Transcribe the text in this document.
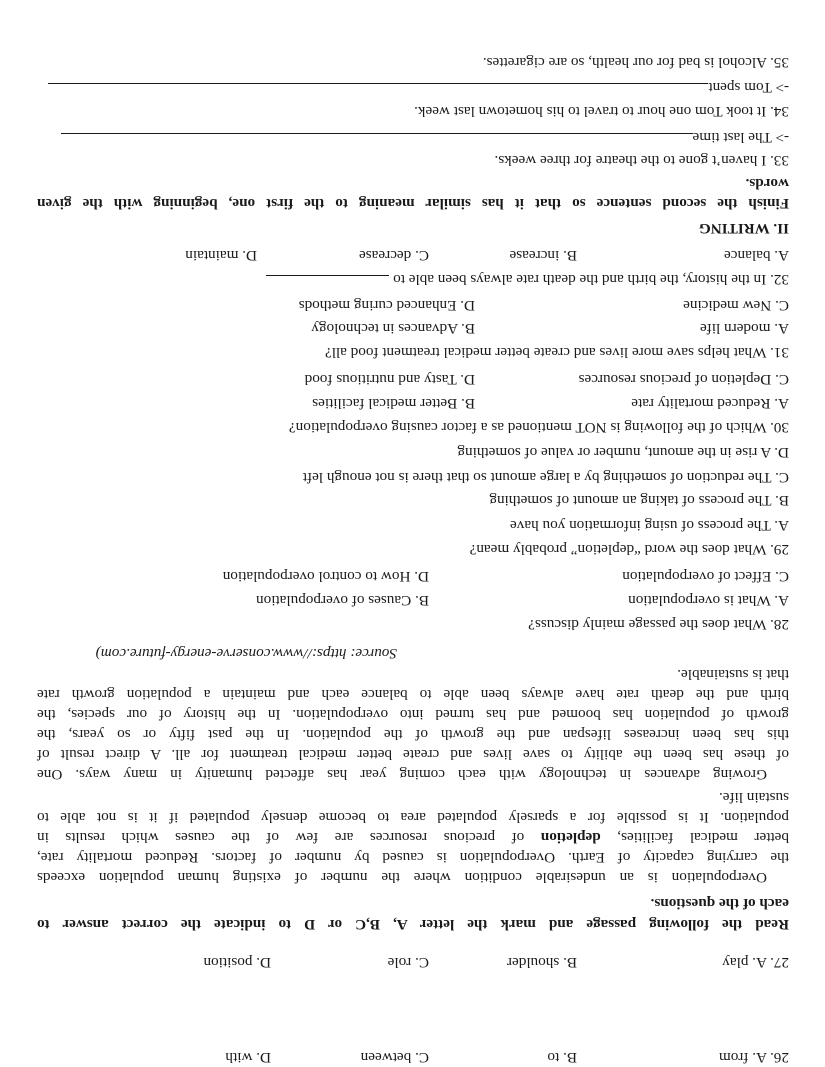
26.
A. from
B. to
C. between
D. with
27.
A. play
B. shoulder
C. role
D. position
Read the following passage and mark the letter A, B,C or D to indicate the correct answer to
each of the questions.
Overpopulation is an undesirable condition where the number of existing human population exceeds
the carrying capacity of Earth. Overpopulation is caused by number of factors. Reduced mortality rate,
better medical facilities, depletion of precious resources are few of the causes which results in
population. It is possible for a sparsely populated area to become densely populated if it is not able to
sustain life.
Growing advances in technology with each coming year has affected humanity in many ways. One
of these has been the ability to save lives and create better medical treatment for all. A direct result of
this has been increases lifespan and the growth of the population. In the past fifty or so years, the
growth of population has boomed and has turned into overpopulation. In the history of our species, the
birth and the death rate have always been able to balance each and maintain a population growth rate
that is sustainable.
Source: https://www.conserve-energy-future.com)
28. What does the passage mainly discuss?
A. What is overpopulation
B. Causes of overpopulation
C. Effect of overpopulation
D. How to control overpopulation
29. What does the word “depletion” probably mean?
A. The process of using information you have
B. The process of taking an amount of something
C. The reduction of something by a large amount so that there is not enough left
D. A rise in the amount, number or value of something
30. Which of the following is NOT mentioned as a factor causing overpopulation?
A. Reduced mortality rate
B. Better medical facilities
C. Depletion of precious resources
D. Tasty and nutritious food
31. What helps save more lives and create better medical treatment food all?
A. modern life
B. Advances in technology
C. New medicine
D. Enhanced curing methods
32. In the history, the birth and the death rate always been able to
A. balance
B. increase
C. decrease
D. maintain
II. WRITING
Finish the second sentence so that it has similar meaning to the first one, beginning with the given
words.
33. I haven’t gone to the theatre for three weeks.
-> The last time
34. It took Tom one hour to travel to his hometown last week.
-> Tom spent
35. Alcohol is bad for our health, so are cigarettes.
